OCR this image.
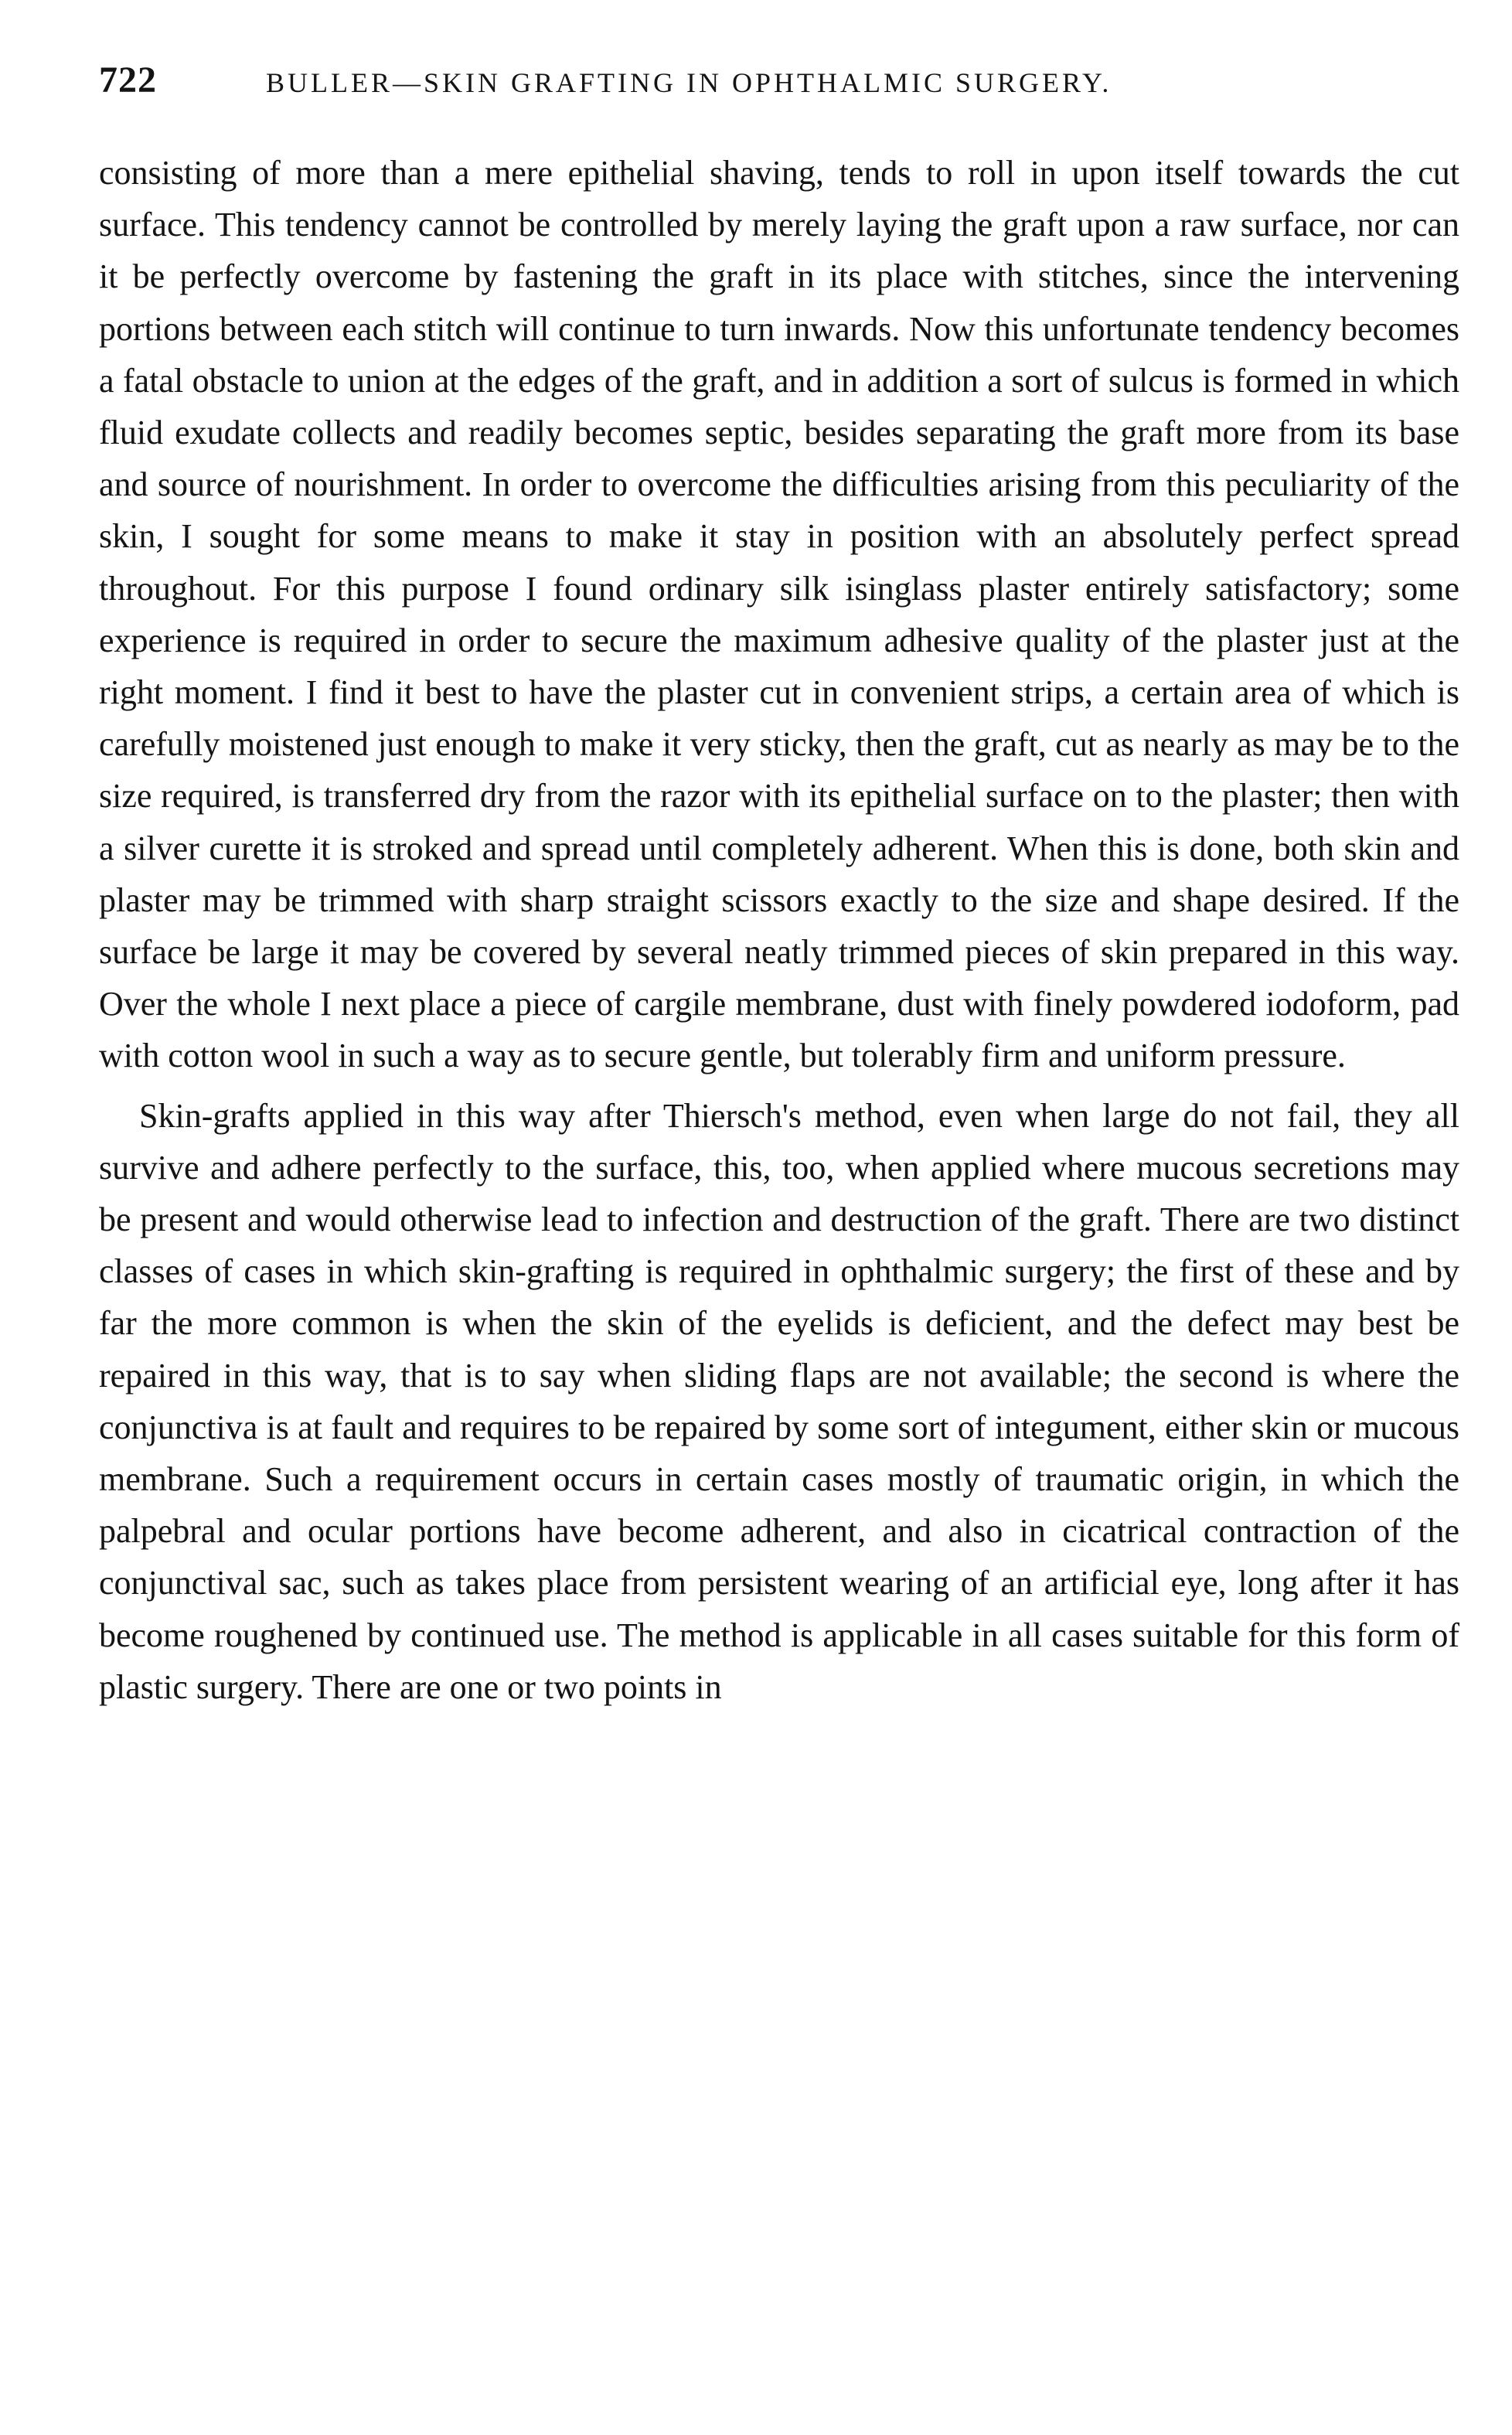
722	BULLER—SKIN GRAFTING IN OPHTHALMIC SURGERY.

consisting of more than a mere epithelial shaving, tends to roll in upon itself towards the cut surface. This tendency cannot be controlled by merely laying the graft upon a raw surface, nor can it be perfectly overcome by fastening the graft in its place with stitches, since the intervening portions between each stitch will continue to turn inwards. Now this unfortunate tendency becomes a fatal obstacle to union at the edges of the graft, and in addition a sort of sulcus is formed in which fluid exudate collects and readily becomes septic, besides separating the graft more from its base and source of nourishment. In order to overcome the difficulties arising from this peculiarity of the skin, I sought for some means to make it stay in position with an absolutely perfect spread throughout. For this purpose I found ordinary silk isinglass plaster entirely satisfactory; some experience is required in order to secure the maximum adhesive quality of the plaster just at the right moment. I find it best to have the plaster cut in convenient strips, a certain area of which is carefully moistened just enough to make it very sticky, then the graft, cut as nearly as may be to the size required, is transferred dry from the razor with its epithelial surface on to the plaster; then with a silver curette it is stroked and spread until completely adherent. When this is done, both skin and plaster may be trimmed with sharp straight scissors exactly to the size and shape desired. If the surface be large it may be covered by several neatly trimmed pieces of skin prepared in this way. Over the whole I next place a piece of cargile membrane, dust with finely powdered iodoform, pad with cotton wool in such a way as to secure gentle, but tolerably firm and uniform pressure.

Skin-grafts applied in this way after Thiersch's method, even when large do not fail, they all survive and adhere perfectly to the surface, this, too, when applied where mucous secretions may be present and would otherwise lead to infection and destruction of the graft. There are two distinct classes of cases in which skin-grafting is required in ophthalmic surgery; the first of these and by far the more common is when the skin of the eyelids is deficient, and the defect may best be repaired in this way, that is to say when sliding flaps are not available; the second is where the conjunctiva is at fault and requires to be repaired by some sort of integument, either skin or mucous membrane. Such a requirement occurs in certain cases mostly of traumatic origin, in which the palpebral and ocular portions have become adherent, and also in cicatrical contraction of the conjunctival sac, such as takes place from persistent wearing of an artificial eye, long after it has become roughened by continued use. The method is applicable in all cases suitable for this form of plastic surgery. There are one or two points in
